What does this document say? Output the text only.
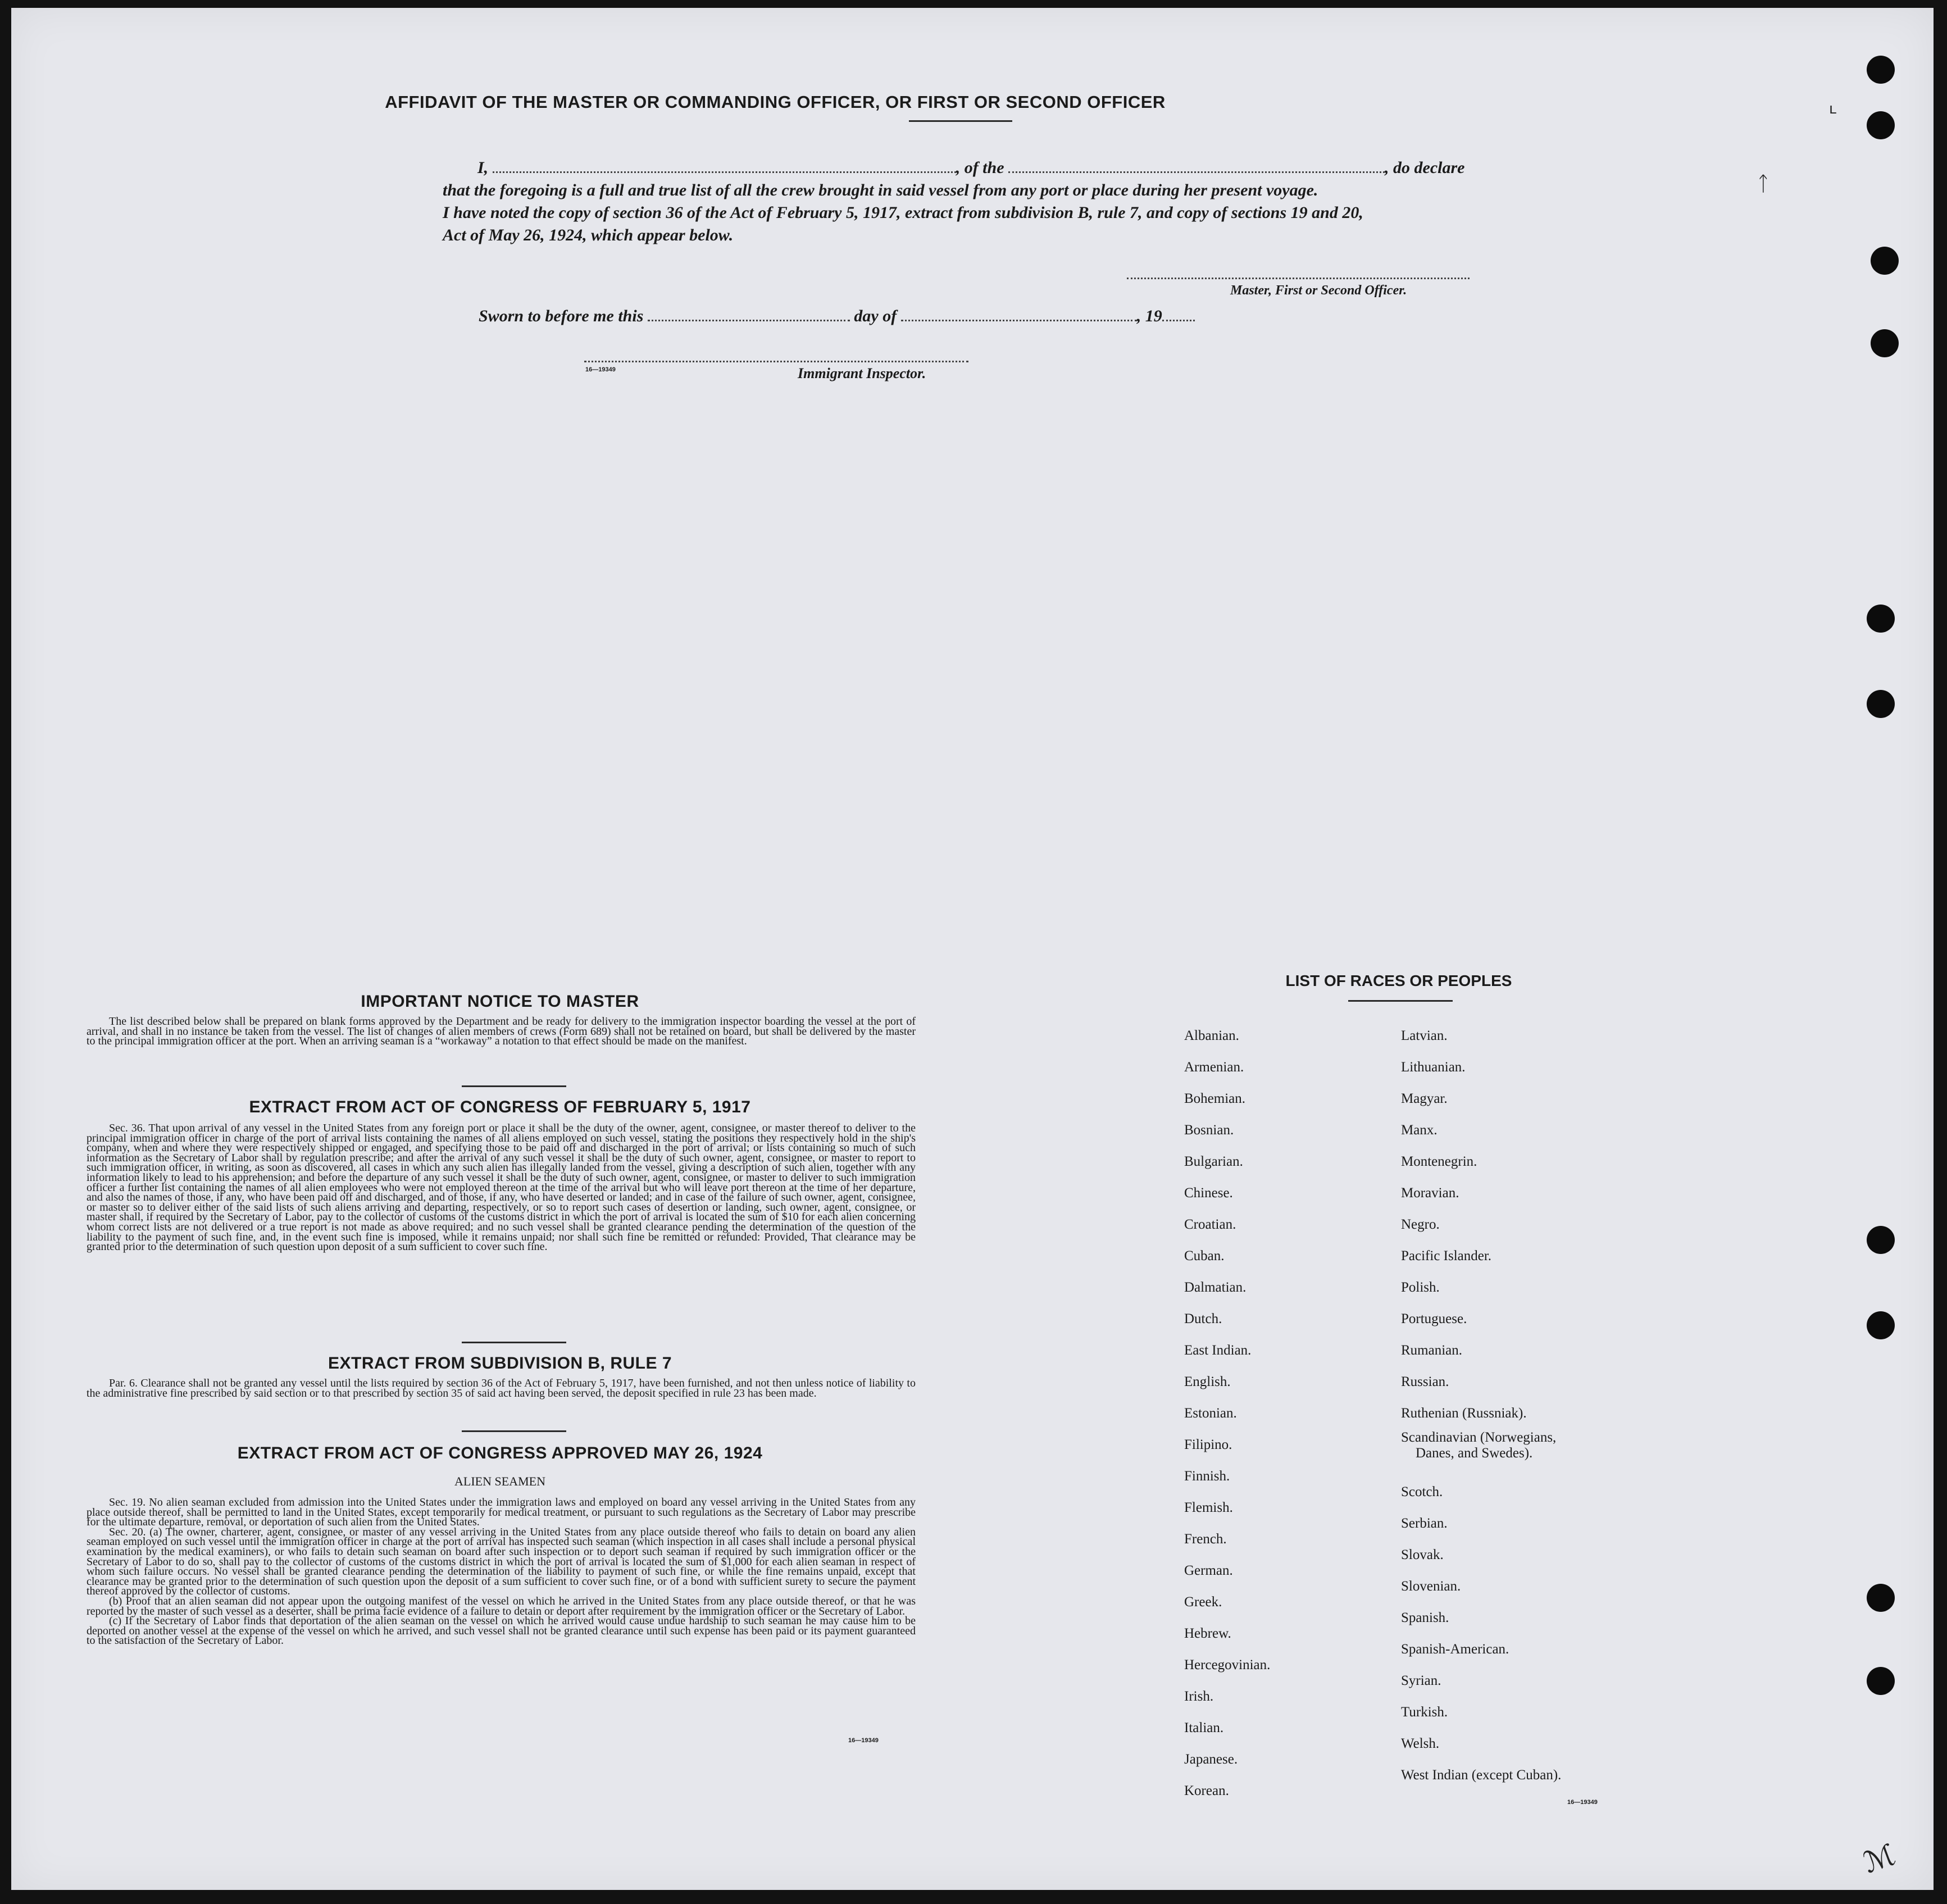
ʟ
ᛏ
ℳ
AFFIDAVIT OF THE MASTER OR COMMANDING OFFICER, OR FIRST OR SECOND OFFICER
I,	, of the	, do declare
that the foregoing is a full and true list of all the crew brought in said vessel from any port or place during her present voyage.
I have noted the copy of section 36 of the Act of February 5, 1917, extract from subdivision B, rule 7, and copy of sections 19 and 20,
Act of May 26, 1924, which appear below.
Master, First or Second Officer.
Sworn to before me this	day of	, 19
16—19349	Immigrant Inspector.
IMPORTANT NOTICE TO MASTER

The list described below shall be prepared on blank forms approved by the Department and be ready for delivery to the immigration inspector boarding the vessel at the port of arrival, and shall in no instance be taken from the vessel. The list of changes of alien members of crews (Form 689) shall not be retained on board, but shall be delivered by the master to the principal immigration officer at the port. When an arriving seaman is a “workaway” a notation to that effect should be made on the manifest.

EXTRACT FROM ACT OF CONGRESS OF FEBRUARY 5, 1917

Sec. 36. That upon arrival of any vessel in the United States from any foreign port or place it shall be the duty of the owner, agent, consignee, or master thereof to deliver to the principal immigration officer in charge of the port of arrival lists containing the names of all aliens employed on such vessel, stating the positions they respectively hold in the ship's company, when and where they were respectively shipped or engaged, and specifying those to be paid off and discharged in the port of arrival; or lists containing so much of such information as the Secretary of Labor shall by regulation prescribe; and after the arrival of any such vessel it shall be the duty of such owner, agent, consignee, or master to report to such immigration officer, in writing, as soon as discovered, all cases in which any such alien has illegally landed from the vessel, giving a description of such alien, together with any information likely to lead to his apprehension; and before the departure of any such vessel it shall be the duty of such owner, agent, consignee, or master to deliver to such immigration officer a further list containing the names of all alien employees who were not employed thereon at the time of the arrival but who will leave port thereon at the time of her departure, and also the names of those, if any, who have been paid off and discharged, and of those, if any, who have deserted or landed; and in case of the failure of such owner, agent, consignee, or master so to deliver either of the said lists of such aliens arriving and departing, respectively, or so to report such cases of desertion or landing, such owner, agent, consignee, or master shall, if required by the Secretary of Labor, pay to the collector of customs of the customs district in which the port of arrival is located the sum of $10 for each alien concerning whom correct lists are not delivered or a true report is not made as above required; and no such vessel shall be granted clearance pending the determination of the question of the liability to the payment of such fine, and, in the event such fine is imposed, while it remains unpaid; nor shall such fine be remitted or refunded: Provided, That clearance may be granted prior to the determination of such question upon deposit of a sum sufficient to cover such fine.

EXTRACT FROM SUBDIVISION B, RULE 7

Par. 6. Clearance shall not be granted any vessel until the lists required by section 36 of the Act of February 5, 1917, have been furnished, and not then unless notice of liability to the administrative fine prescribed by said section or to that prescribed by section 35 of said act having been served, the deposit specified in rule 23 has been made.

EXTRACT FROM ACT OF CONGRESS APPROVED MAY 26, 1924
ALIEN SEAMEN

Sec. 19. No alien seaman excluded from admission into the United States under the immigration laws and employed on board any vessel arriving in the United States from any place outside thereof, shall be permitted to land in the United States, except temporarily for medical treatment, or pursuant to such regulations as the Secretary of Labor may prescribe for the ultimate departure, removal, or deportation of such alien from the United States.

Sec. 20. (a) The owner, charterer, agent, consignee, or master of any vessel arriving in the United States from any place outside thereof who fails to detain on board any alien seaman employed on such vessel until the immigration officer in charge at the port of arrival has inspected such seaman (which inspection in all cases shall include a personal physical examination by the medical examiners), or who fails to detain such seaman on board after such inspection or to deport such seaman if required by such immigration officer or the Secretary of Labor to do so, shall pay to the collector of customs of the customs district in which the port of arrival is located the sum of $1,000 for each alien seaman in respect of whom such failure occurs. No vessel shall be granted clearance pending the determination of the liability to payment of such fine, or while the fine remains unpaid, except that clearance may be granted prior to the determination of such question upon the deposit of a sum sufficient to cover such fine, or of a bond with sufficient surety to secure the payment thereof approved by the collector of customs.

(b) Proof that an alien seaman did not appear upon the outgoing manifest of the vessel on which he arrived in the United States from any place outside thereof, or that he was reported by the master of such vessel as a deserter, shall be prima facie evidence of a failure to detain or deport after requirement by the immigration officer or the Secretary of Labor.

(c) If the Secretary of Labor finds that deportation of the alien seaman on the vessel on which he arrived would cause undue hardship to such seaman he may cause him to be deported on another vessel at the expense of the vessel on which he arrived, and such vessel shall not be granted clearance until such expense has been paid or its payment guaranteed to the satisfaction of the Secretary of Labor.

16—19349
LIST OF RACES OR PEOPLES
Albanian.
Armenian.
Bohemian.
Bosnian.
Bulgarian.
Chinese.
Croatian.
Cuban.
Dalmatian.
Dutch.
East Indian.
English.
Estonian.
Filipino.
Finnish.
Flemish.
French.
German.
Greek.
Hebrew.
Hercegovinian.
Irish.
Italian.
Japanese.
Korean.
Latvian.
Lithuanian.
Magyar.
Manx.
Montenegrin.
Moravian.
Negro.
Pacific Islander.
Polish.
Portuguese.
Rumanian.
Russian.
Ruthenian (Russniak).
Scandinavian (Norwegians,
Danes, and Swedes).
Scotch.
Serbian.
Slovak.
Slovenian.
Spanish.
Spanish-American.
Syrian.
Turkish.
Welsh.
West Indian (except Cuban).
16—19349
